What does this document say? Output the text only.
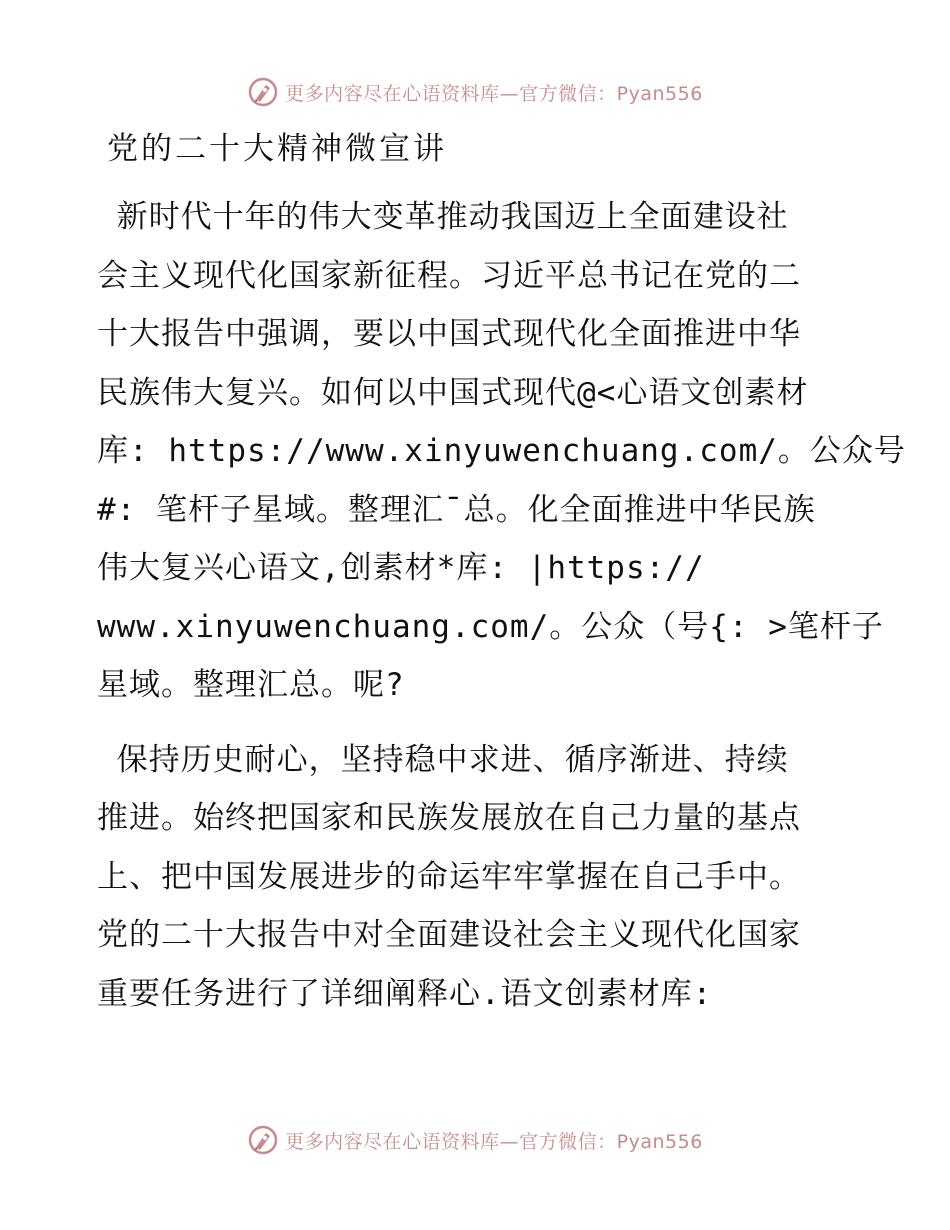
更多内容尽在心语资料库—官方微信：Pyan556
党的二十大精神微宣讲
新时代十年的伟大变革推动我国迈上全面建设社
会主义现代化国家新征程。习近平总书记在党的二
十大报告中强调，要以中国式现代化全面推进中华
民族伟大复兴。如何以中国式现代@<心语文创素材
库: https://www.xinyuwenchuang.com/。公众号
#: 笔杆子星域。整理汇¯总。化全面推进中华民族
伟大复兴心语文,创素材*库: |https://
www.xinyuwenchuang.com/。公众（号{: >笔杆子
星域。整理汇总。呢?
保持历史耐心，坚持稳中求进、循序渐进、持续
推进。始终把国家和民族发展放在自己力量的基点
上、把中国发展进步的命运牢牢掌握在自己手中。
党的二十大报告中对全面建设社会主义现代化国家
重要任务进行了详细阐释心.语文创素材库:
更多内容尽在心语资料库—官方微信：Pyan556
